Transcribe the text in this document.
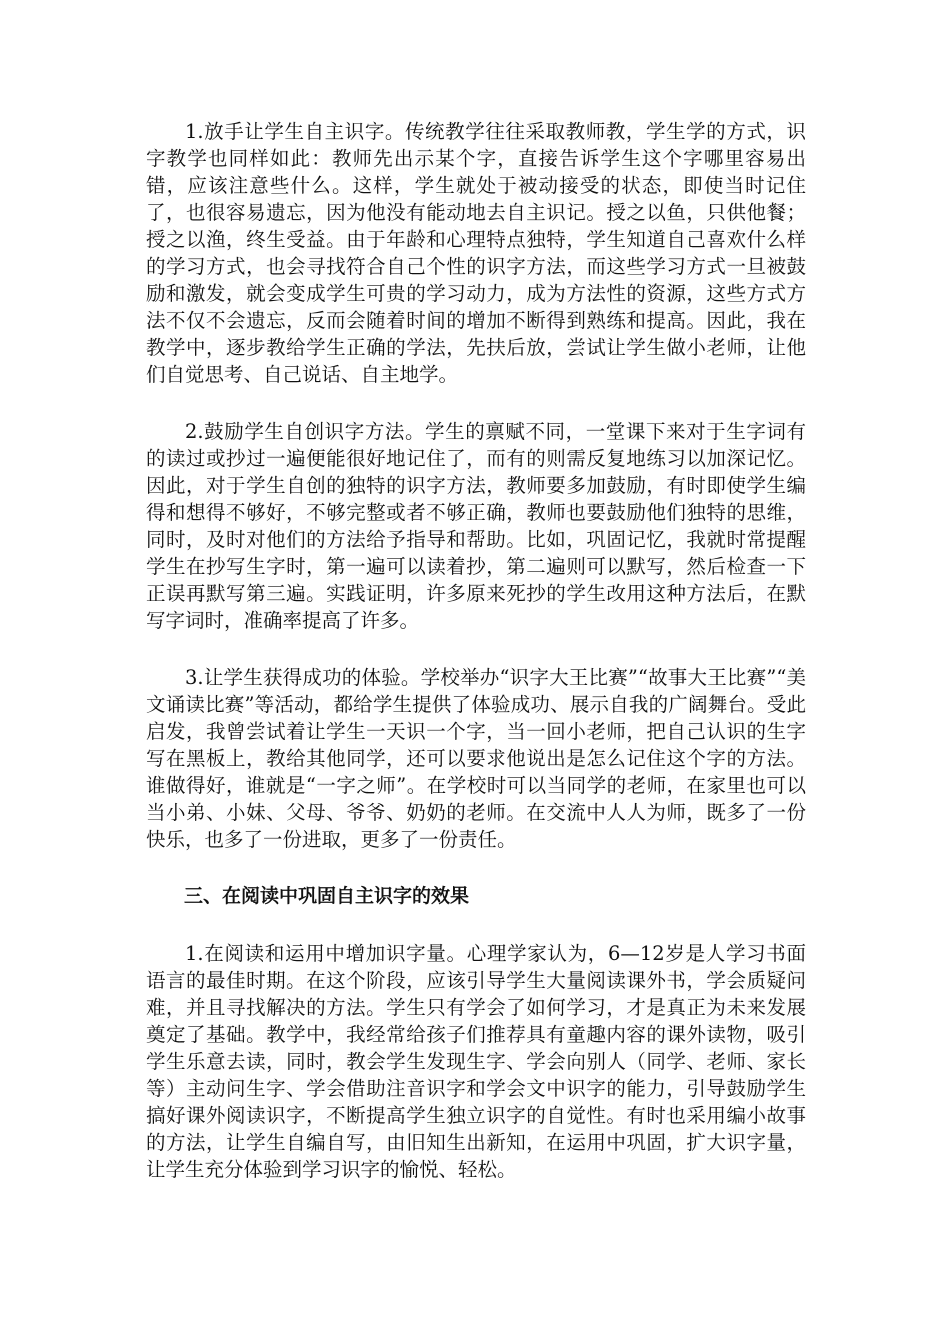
1.放手让学生自主识字。传统教学往往采取教师教，学生学的方式，识字教学也同样如此：教师先出示某个字，直接告诉学生这个字哪里容易出错，应该注意些什么。这样，学生就处于被动接受的状态，即使当时记住了，也很容易遗忘，因为他没有能动地去自主识记。授之以鱼，只供他餐；授之以渔，终生受益。由于年龄和心理特点独特，学生知道自己喜欢什么样的学习方式，也会寻找符合自己个性的识字方法，而这些学习方式一旦被鼓励和激发，就会变成学生可贵的学习动力，成为方法性的资源，这些方式方法不仅不会遗忘，反而会随着时间的增加不断得到熟练和提高。因此，我在教学中，逐步教给学生正确的学法，先扶后放，尝试让学生做小老师，让他们自觉思考、自己说话、自主地学。

2.鼓励学生自创识字方法。学生的禀赋不同，一堂课下来对于生字词有的读过或抄过一遍便能很好地记住了，而有的则需反复地练习以加深记忆。因此，对于学生自创的独特的识字方法，教师要多加鼓励，有时即使学生编得和想得不够好，不够完整或者不够正确，教师也要鼓励他们独特的思维，同时，及时对他们的方法给予指导和帮助。比如，巩固记忆，我就时常提醒学生在抄写生字时，第一遍可以读着抄，第二遍则可以默写，然后检查一下正误再默写第三遍。实践证明，许多原来死抄的学生改用这种方法后，在默写字词时，准确率提高了许多。

3.让学生获得成功的体验。学校举办“识字大王比赛”“故事大王比赛”“美文诵读比赛”等活动，都给学生提供了体验成功、展示自我的广阔舞台。受此启发，我曾尝试着让学生一天识一个字，当一回小老师，把自己认识的生字写在黑板上，教给其他同学，还可以要求他说出是怎么记住这个字的方法。谁做得好，谁就是“一字之师”。在学校时可以当同学的老师，在家里也可以当小弟、小妹、父母、爷爷、奶奶的老师。在交流中人人为师，既多了一份快乐，也多了一份进取，更多了一份责任。

三、在阅读中巩固自主识字的效果

1.在阅读和运用中增加识字量。心理学家认为，6—12岁是人学习书面语言的最佳时期。在这个阶段，应该引导学生大量阅读课外书，学会质疑问难，并且寻找解决的方法。学生只有学会了如何学习，才是真正为未来发展奠定了基础。教学中，我经常给孩子们推荐具有童趣内容的课外读物，吸引学生乐意去读，同时，教会学生发现生字、学会向别人（同学、老师、家长等）主动问生字、学会借助注音识字和学会文中识字的能力，引导鼓励学生搞好课外阅读识字，不断提高学生独立识字的自觉性。有时也采用编小故事的方法，让学生自编自写，由旧知生出新知，在运用中巩固，扩大识字量，让学生充分体验到学习识字的愉悦、轻松。
